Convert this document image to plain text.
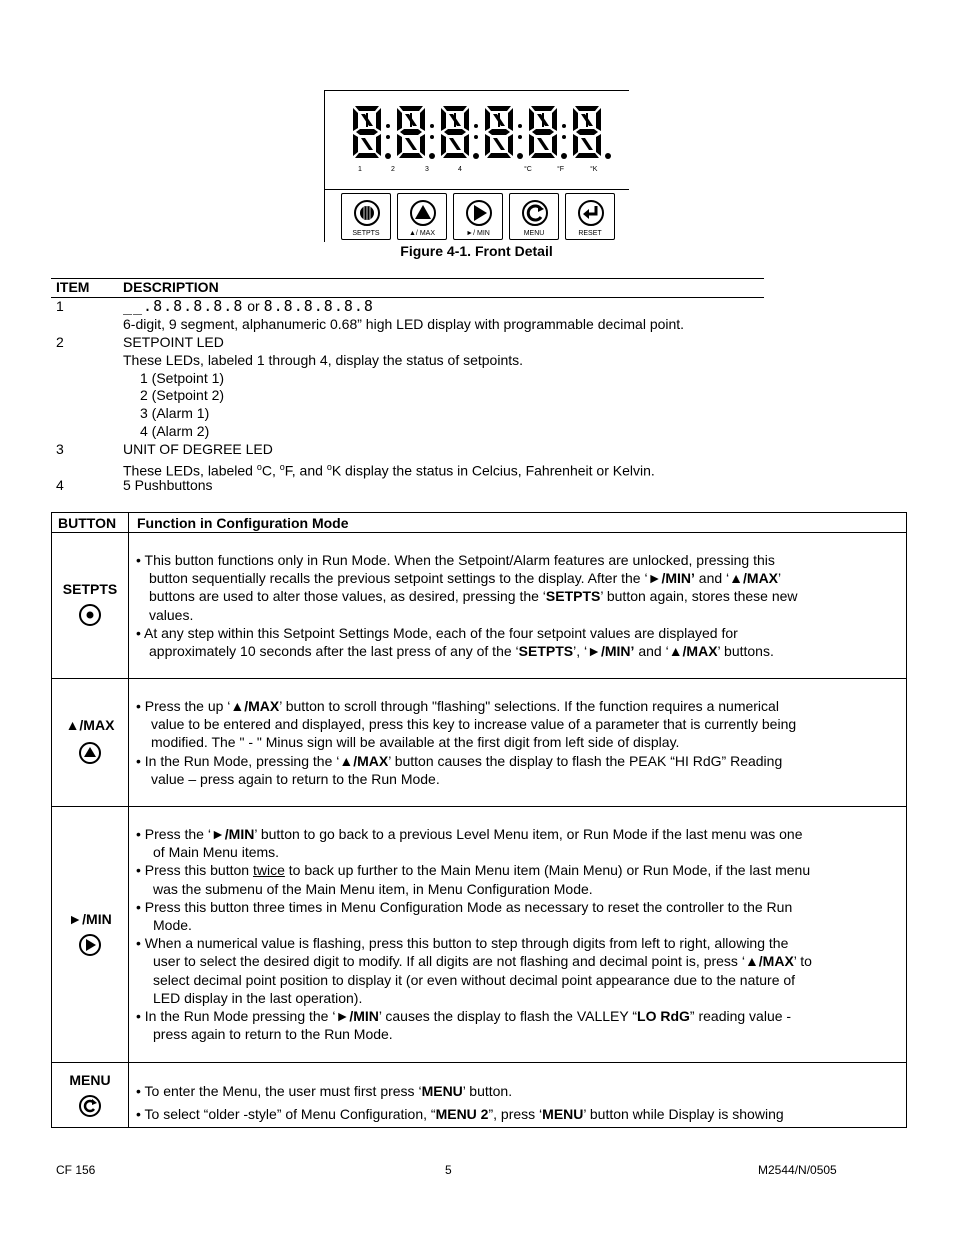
1	2	3	4	°C	°F	°K
SETPTS	▲/ MAX	►/ MIN	MENU	RESET
Figure 4-1. Front Detail
ITEM DESCRIPTION
1	__.8.8.8.8.8 or 8.8.8.8.8.8
6-digit, 9 segment, alphanumeric 0.68” high LED display with programmable decimal point.
2	SETPOINT LED
These LEDs, labeled 1 through 4, display the status of setpoints.
1 (Setpoint 1)
2 (Setpoint 2)
3 (Alarm 1)
4 (Alarm 2)
3	UNIT OF DEGREE LED
These LEDs, labeled $^o$C, $^o$F, and $^o$K display the status in Celcius, Fahrenheit or Kelvin.
4	5 Pushbuttons
BUTTON Function in Configuration Mode
SETPTS
• This button functions only in Run Mode. When the Setpoint/Alarm features are unlocked, pressing this
button sequentially recalls the previous setpoint settings to the display. After the ‘►/MIN’ and ‘▲/MAX’
buttons are used to alter those values, as desired, pressing the ‘SETPTS’ button again, stores these new
values.
• At any step within this Setpoint Settings Mode, each of the four setpoint values are displayed for
approximately 10 seconds after the last press of any of the ‘SETPTS’, ‘►/MIN’ and ‘▲/MAX’ buttons.
▲/MAX
• Press the up ‘▲/MAX’ button to scroll through "flashing" selections. If the function requires a numerical
value to be entered and displayed, press this key to increase value of a parameter that is currently being
modified. The " - " Minus sign will be available at the first digit from left side of display.
• In the Run Mode, pressing the ‘▲/MAX’ button causes the display to flash the PEAK “HI RdG” Reading
value – press again to return to the Run Mode.
►/MIN
• Press the ‘►/MIN’ button to go back to a previous Level Menu item, or Run Mode if the last menu was one
of Main Menu items.
• Press this button twice to back up further to the Main Menu item (Main Menu) or Run Mode, if the last menu
was the submenu of the Main Menu item, in Menu Configuration Mode.
• Press this button three times in Menu Configuration Mode as necessary to reset the controller to the Run
Mode.
• When a numerical value is flashing, press this button to step through digits from left to right, allowing the
user to select the desired digit to modify. If all digits are not flashing and decimal point is, press ‘▲/MAX’ to
select decimal point position to display it (or even without decimal point appearance due to the nature of
LED display in the last operation).
• In the Run Mode pressing the ‘►/MIN’ causes the display to flash the VALLEY “LO RdG” reading value -
press again to return to the Run Mode.
MENU
• To enter the Menu, the user must first press ‘MENU’ button.
• To select “older -style” of Menu Configuration, “MENU 2”, press ‘MENU’ button while Display is showing
CF 156	5	M2544/N/0505
